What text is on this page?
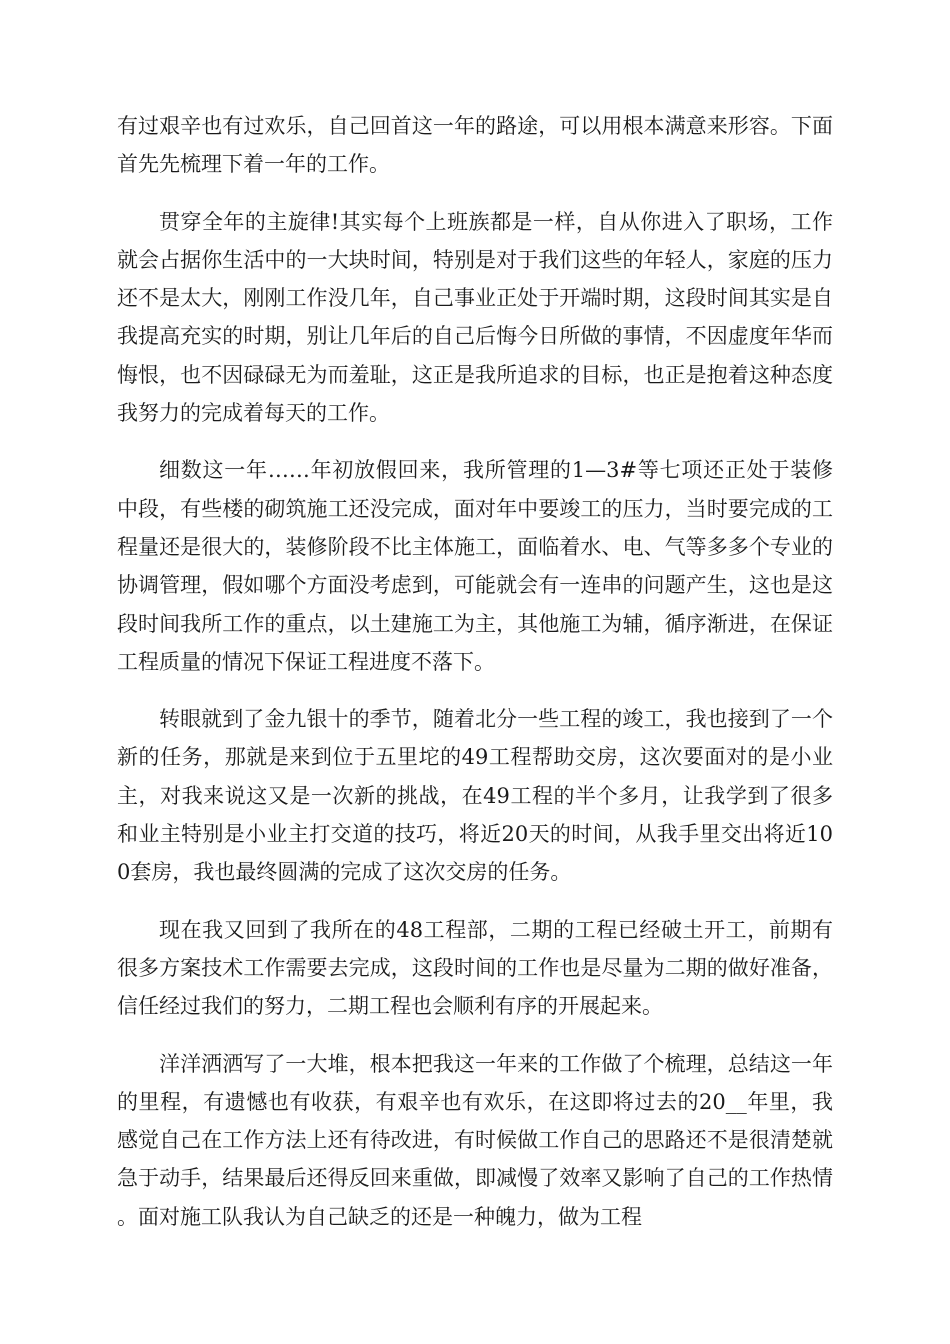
有过艰辛也有过欢乐，自己回首这一年的路途，可以用根本满意来形容。下面首先先梳理下着一年的工作。

贯穿全年的主旋律!其实每个上班族都是一样，自从你进入了职场，工作就会占据你生活中的一大块时间，特别是对于我们这些的年轻人，家庭的压力还不是太大，刚刚工作没几年，自己事业正处于开端时期，这段时间其实是自我提高充实的时期，别让几年后的自己后悔今日所做的事情，不因虚度年华而悔恨，也不因碌碌无为而羞耻，这正是我所追求的目标，也正是抱着这种态度我努力的完成着每天的工作。

细数这一年……年初放假回来，我所管理的1—3#等七项还正处于装修中段，有些楼的砌筑施工还没完成，面对年中要竣工的压力，当时要完成的工程量还是很大的，装修阶段不比主体施工，面临着水、电、气等多多个专业的协调管理，假如哪个方面没考虑到，可能就会有一连串的问题产生，这也是这段时间我所工作的重点，以土建施工为主，其他施工为辅，循序渐进，在保证工程质量的情况下保证工程进度不落下。

转眼就到了金九银十的季节，随着北分一些工程的竣工，我也接到了一个新的任务，那就是来到位于五里坨的49工程帮助交房，这次要面对的是小业主，对我来说这又是一次新的挑战，在49工程的半个多月，让我学到了很多和业主特别是小业主打交道的技巧，将近20天的时间，从我手里交出将近100套房，我也最终圆满的完成了这次交房的任务。

现在我又回到了我所在的48工程部，二期的工程已经破土开工，前期有很多方案技术工作需要去完成，这段时间的工作也是尽量为二期的做好准备，信任经过我们的努力，二期工程也会顺利有序的开展起来。

洋洋洒洒写了一大堆，根本把我这一年来的工作做了个梳理，总结这一年的里程，有遗憾也有收获，有艰辛也有欢乐，在这即将过去的20__年里，我感觉自己在工作方法上还有待改进，有时候做工作自己的思路还不是很清楚就急于动手，结果最后还得反回来重做，即减慢了效率又影响了自己的工作热情。面对施工队我认为自己缺乏的还是一种魄力，做为工程
